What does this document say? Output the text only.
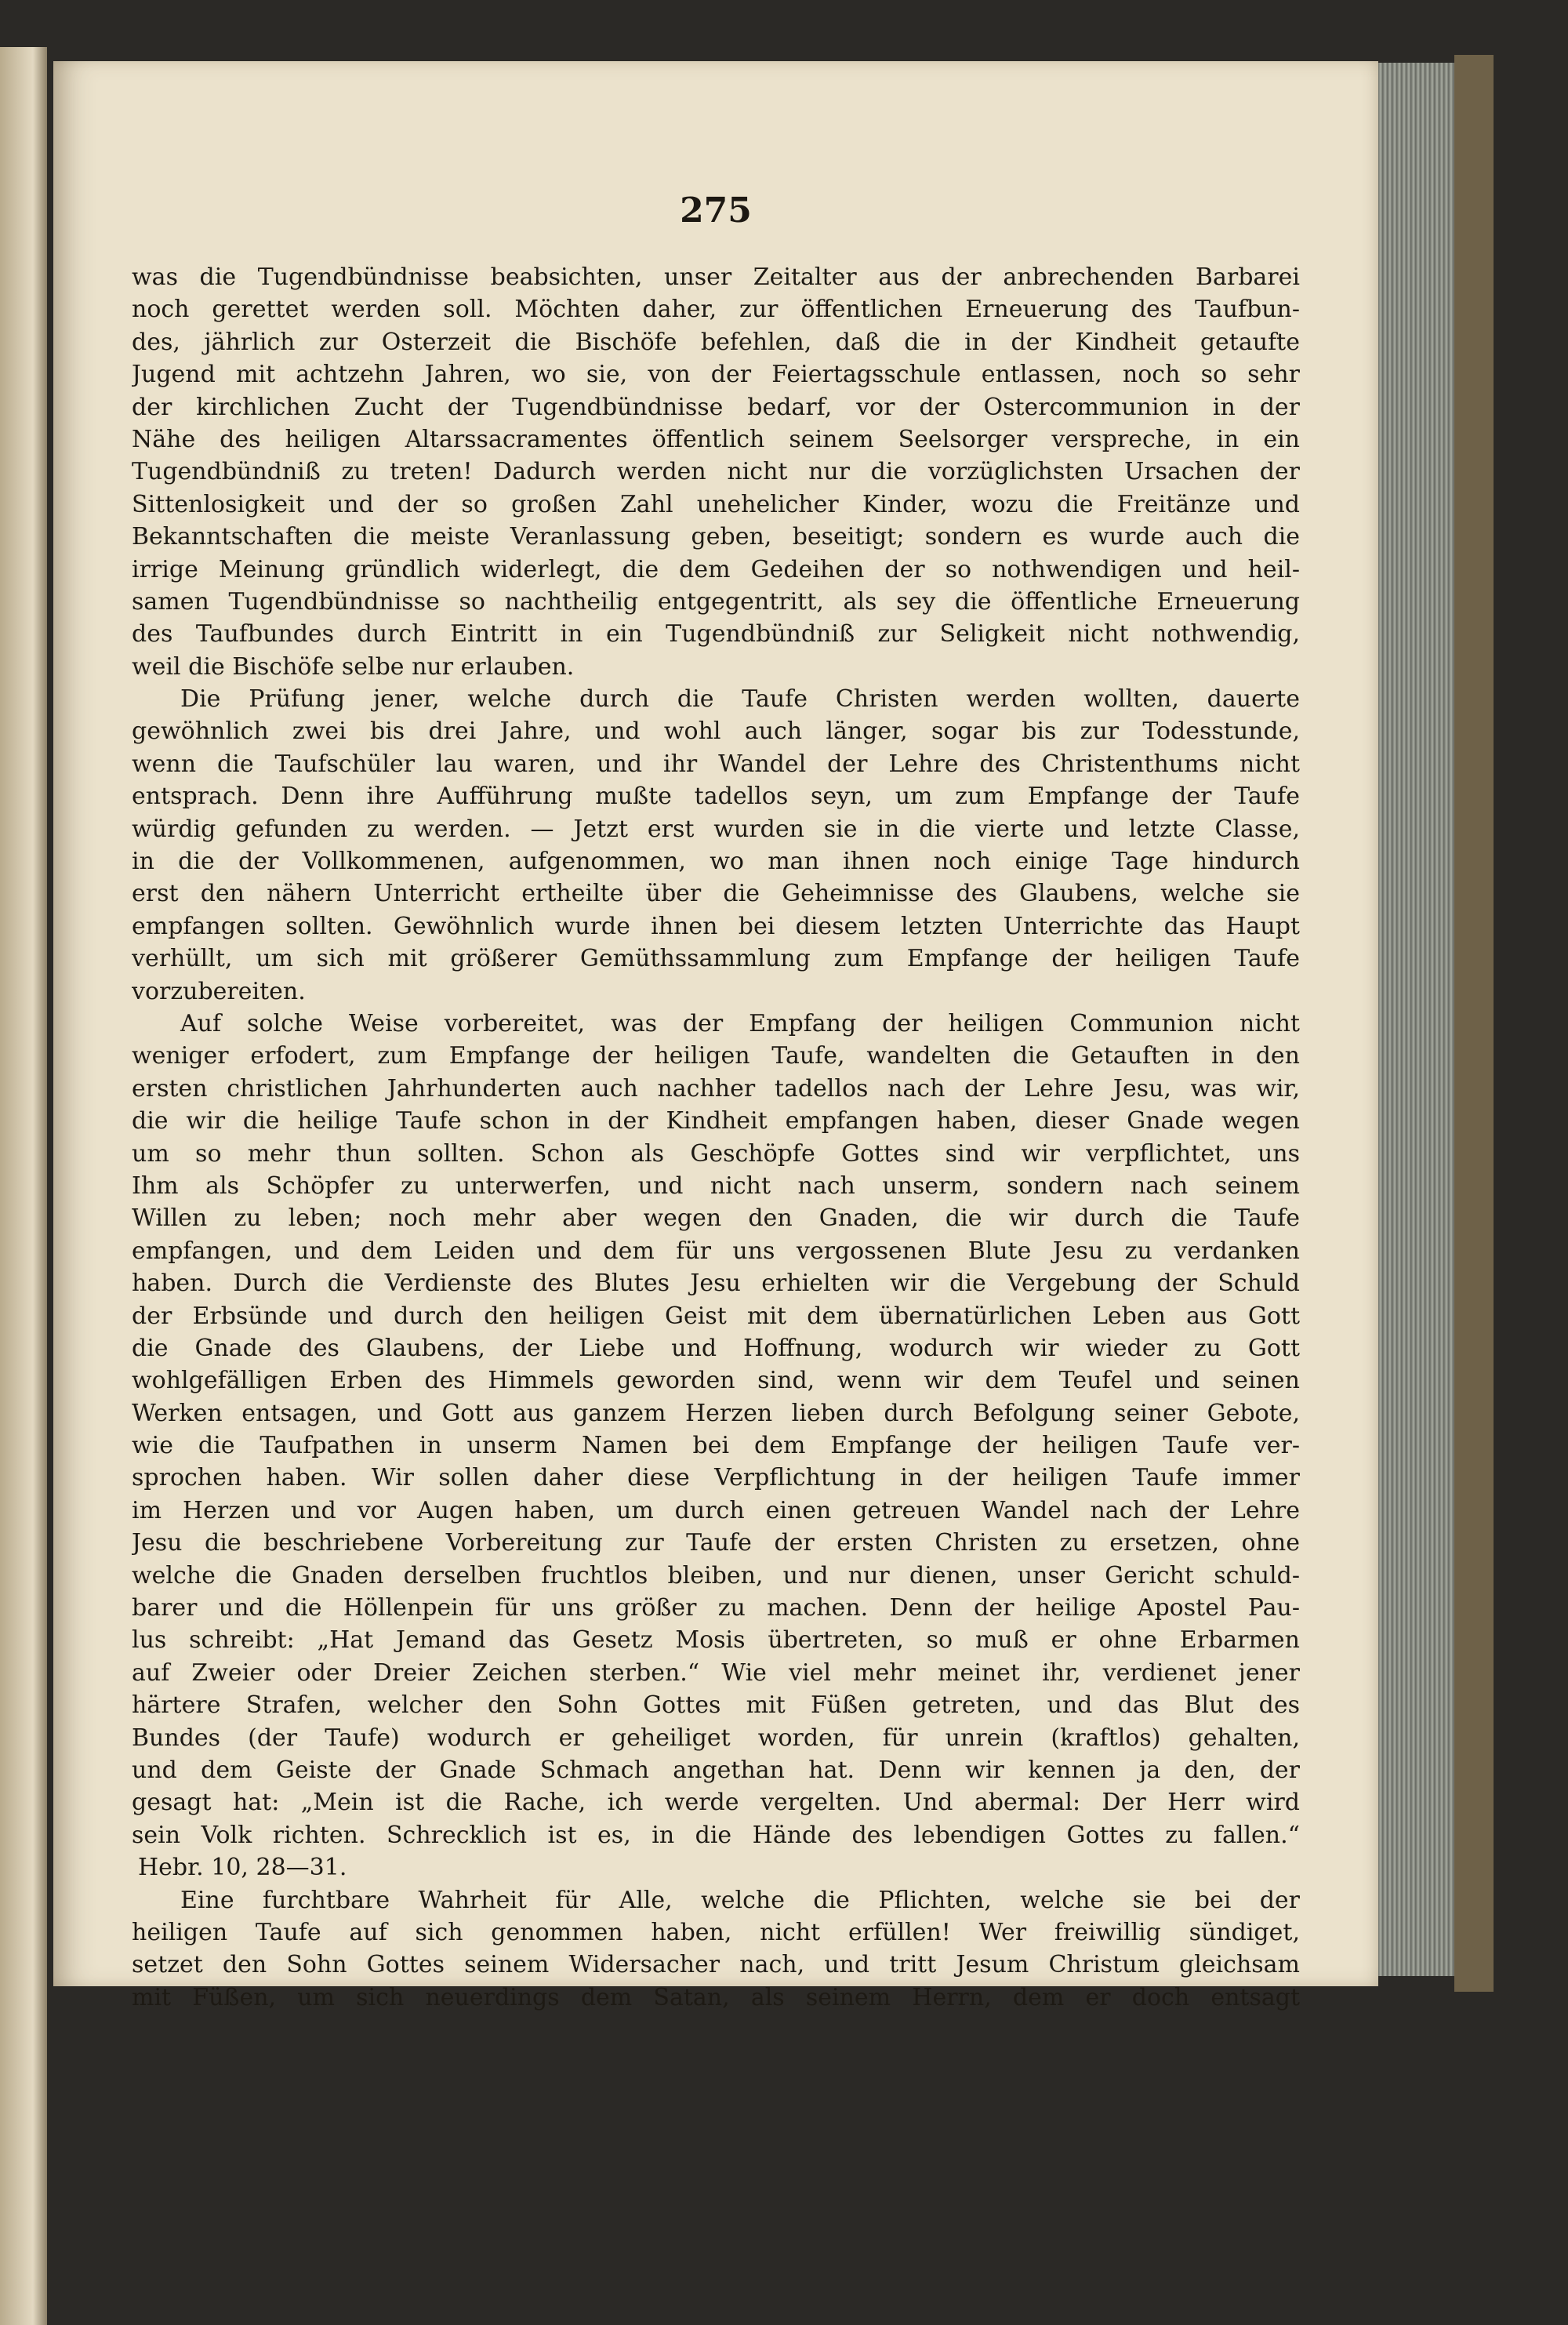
275
was die Tugendbündnisse beabsichten, unser Zeitalter aus der anbrechenden Barbarei
noch gerettet werden soll. Möchten daher, zur öffentlichen Erneuerung des Taufbun-
des, jährlich zur Osterzeit die Bischöfe befehlen, daß die in der Kindheit getaufte
Jugend mit achtzehn Jahren, wo sie, von der Feiertagsschule entlassen, noch so sehr
der kirchlichen Zucht der Tugendbündnisse bedarf, vor der Ostercommunion in der
Nähe des heiligen Altarssacramentes öffentlich seinem Seelsorger verspreche, in ein
Tugendbündniß zu treten! Dadurch werden nicht nur die vorzüglichsten Ursachen der
Sittenlosigkeit und der so großen Zahl unehelicher Kinder, wozu die Freitänze und
Bekanntschaften die meiste Veranlassung geben, beseitigt; sondern es wurde auch die
irrige Meinung gründlich widerlegt, die dem Gedeihen der so nothwendigen und heil-
samen Tugendbündnisse so nachtheilig entgegentritt, als sey die öffentliche Erneuerung
des Taufbundes durch Eintritt in ein Tugendbündniß zur Seligkeit nicht nothwendig,
weil die Bischöfe selbe nur erlauben.
Die Prüfung jener, welche durch die Taufe Christen werden wollten, dauerte
gewöhnlich zwei bis drei Jahre, und wohl auch länger, sogar bis zur Todesstunde,
wenn die Taufschüler lau waren, und ihr Wandel der Lehre des Christenthums nicht
entsprach. Denn ihre Aufführung mußte tadellos seyn, um zum Empfange der Taufe
würdig gefunden zu werden. — Jetzt erst wurden sie in die vierte und letzte Classe,
in die der Vollkommenen, aufgenommen, wo man ihnen noch einige Tage hindurch
erst den nähern Unterricht ertheilte über die Geheimnisse des Glaubens, welche sie
empfangen sollten. Gewöhnlich wurde ihnen bei diesem letzten Unterrichte das Haupt
verhüllt, um sich mit größerer Gemüthssammlung zum Empfange der heiligen Taufe
vorzubereiten.
Auf solche Weise vorbereitet, was der Empfang der heiligen Communion nicht
weniger erfodert, zum Empfange der heiligen Taufe, wandelten die Getauften in den
ersten christlichen Jahrhunderten auch nachher tadellos nach der Lehre Jesu, was wir,
die wir die heilige Taufe schon in der Kindheit empfangen haben, dieser Gnade wegen
um so mehr thun sollten. Schon als Geschöpfe Gottes sind wir verpflichtet, uns
Ihm als Schöpfer zu unterwerfen, und nicht nach unserm, sondern nach seinem
Willen zu leben; noch mehr aber wegen den Gnaden, die wir durch die Taufe
empfangen, und dem Leiden und dem für uns vergossenen Blute Jesu zu verdanken
haben. Durch die Verdienste des Blutes Jesu erhielten wir die Vergebung der Schuld
der Erbsünde und durch den heiligen Geist mit dem übernatürlichen Leben aus Gott
die Gnade des Glaubens, der Liebe und Hoffnung, wodurch wir wieder zu Gott
wohlgefälligen Erben des Himmels geworden sind, wenn wir dem Teufel und seinen
Werken entsagen, und Gott aus ganzem Herzen lieben durch Befolgung seiner Gebote,
wie die Taufpathen in unserm Namen bei dem Empfange der heiligen Taufe ver-
sprochen haben. Wir sollen daher diese Verpflichtung in der heiligen Taufe immer
im Herzen und vor Augen haben, um durch einen getreuen Wandel nach der Lehre
Jesu die beschriebene Vorbereitung zur Taufe der ersten Christen zu ersetzen, ohne
welche die Gnaden derselben fruchtlos bleiben, und nur dienen, unser Gericht schuld-
barer und die Höllenpein für uns größer zu machen. Denn der heilige Apostel Pau-
lus schreibt: „Hat Jemand das Gesetz Mosis übertreten, so muß er ohne Erbarmen
auf Zweier oder Dreier Zeichen sterben.“ Wie viel mehr meinet ihr, verdienet jener
härtere Strafen, welcher den Sohn Gottes mit Füßen getreten, und das Blut des
Bundes (der Taufe) wodurch er geheiliget worden, für unrein (kraftlos) gehalten,
und dem Geiste der Gnade Schmach angethan hat. Denn wir kennen ja den, der
gesagt hat: „Mein ist die Rache, ich werde vergelten. Und abermal: Der Herr wird
sein Volk richten. Schrecklich ist es, in die Hände des lebendigen Gottes zu fallen.“
Hebr. 10, 28—31.
Eine furchtbare Wahrheit für Alle, welche die Pflichten, welche sie bei der
heiligen Taufe auf sich genommen haben, nicht erfüllen! Wer freiwillig sündiget,
setzet den Sohn Gottes seinem Widersacher nach, und tritt Jesum Christum gleichsam
mit Füßen, um sich neuerdings dem Satan, als seinem Herrn, dem er doch entsagt
